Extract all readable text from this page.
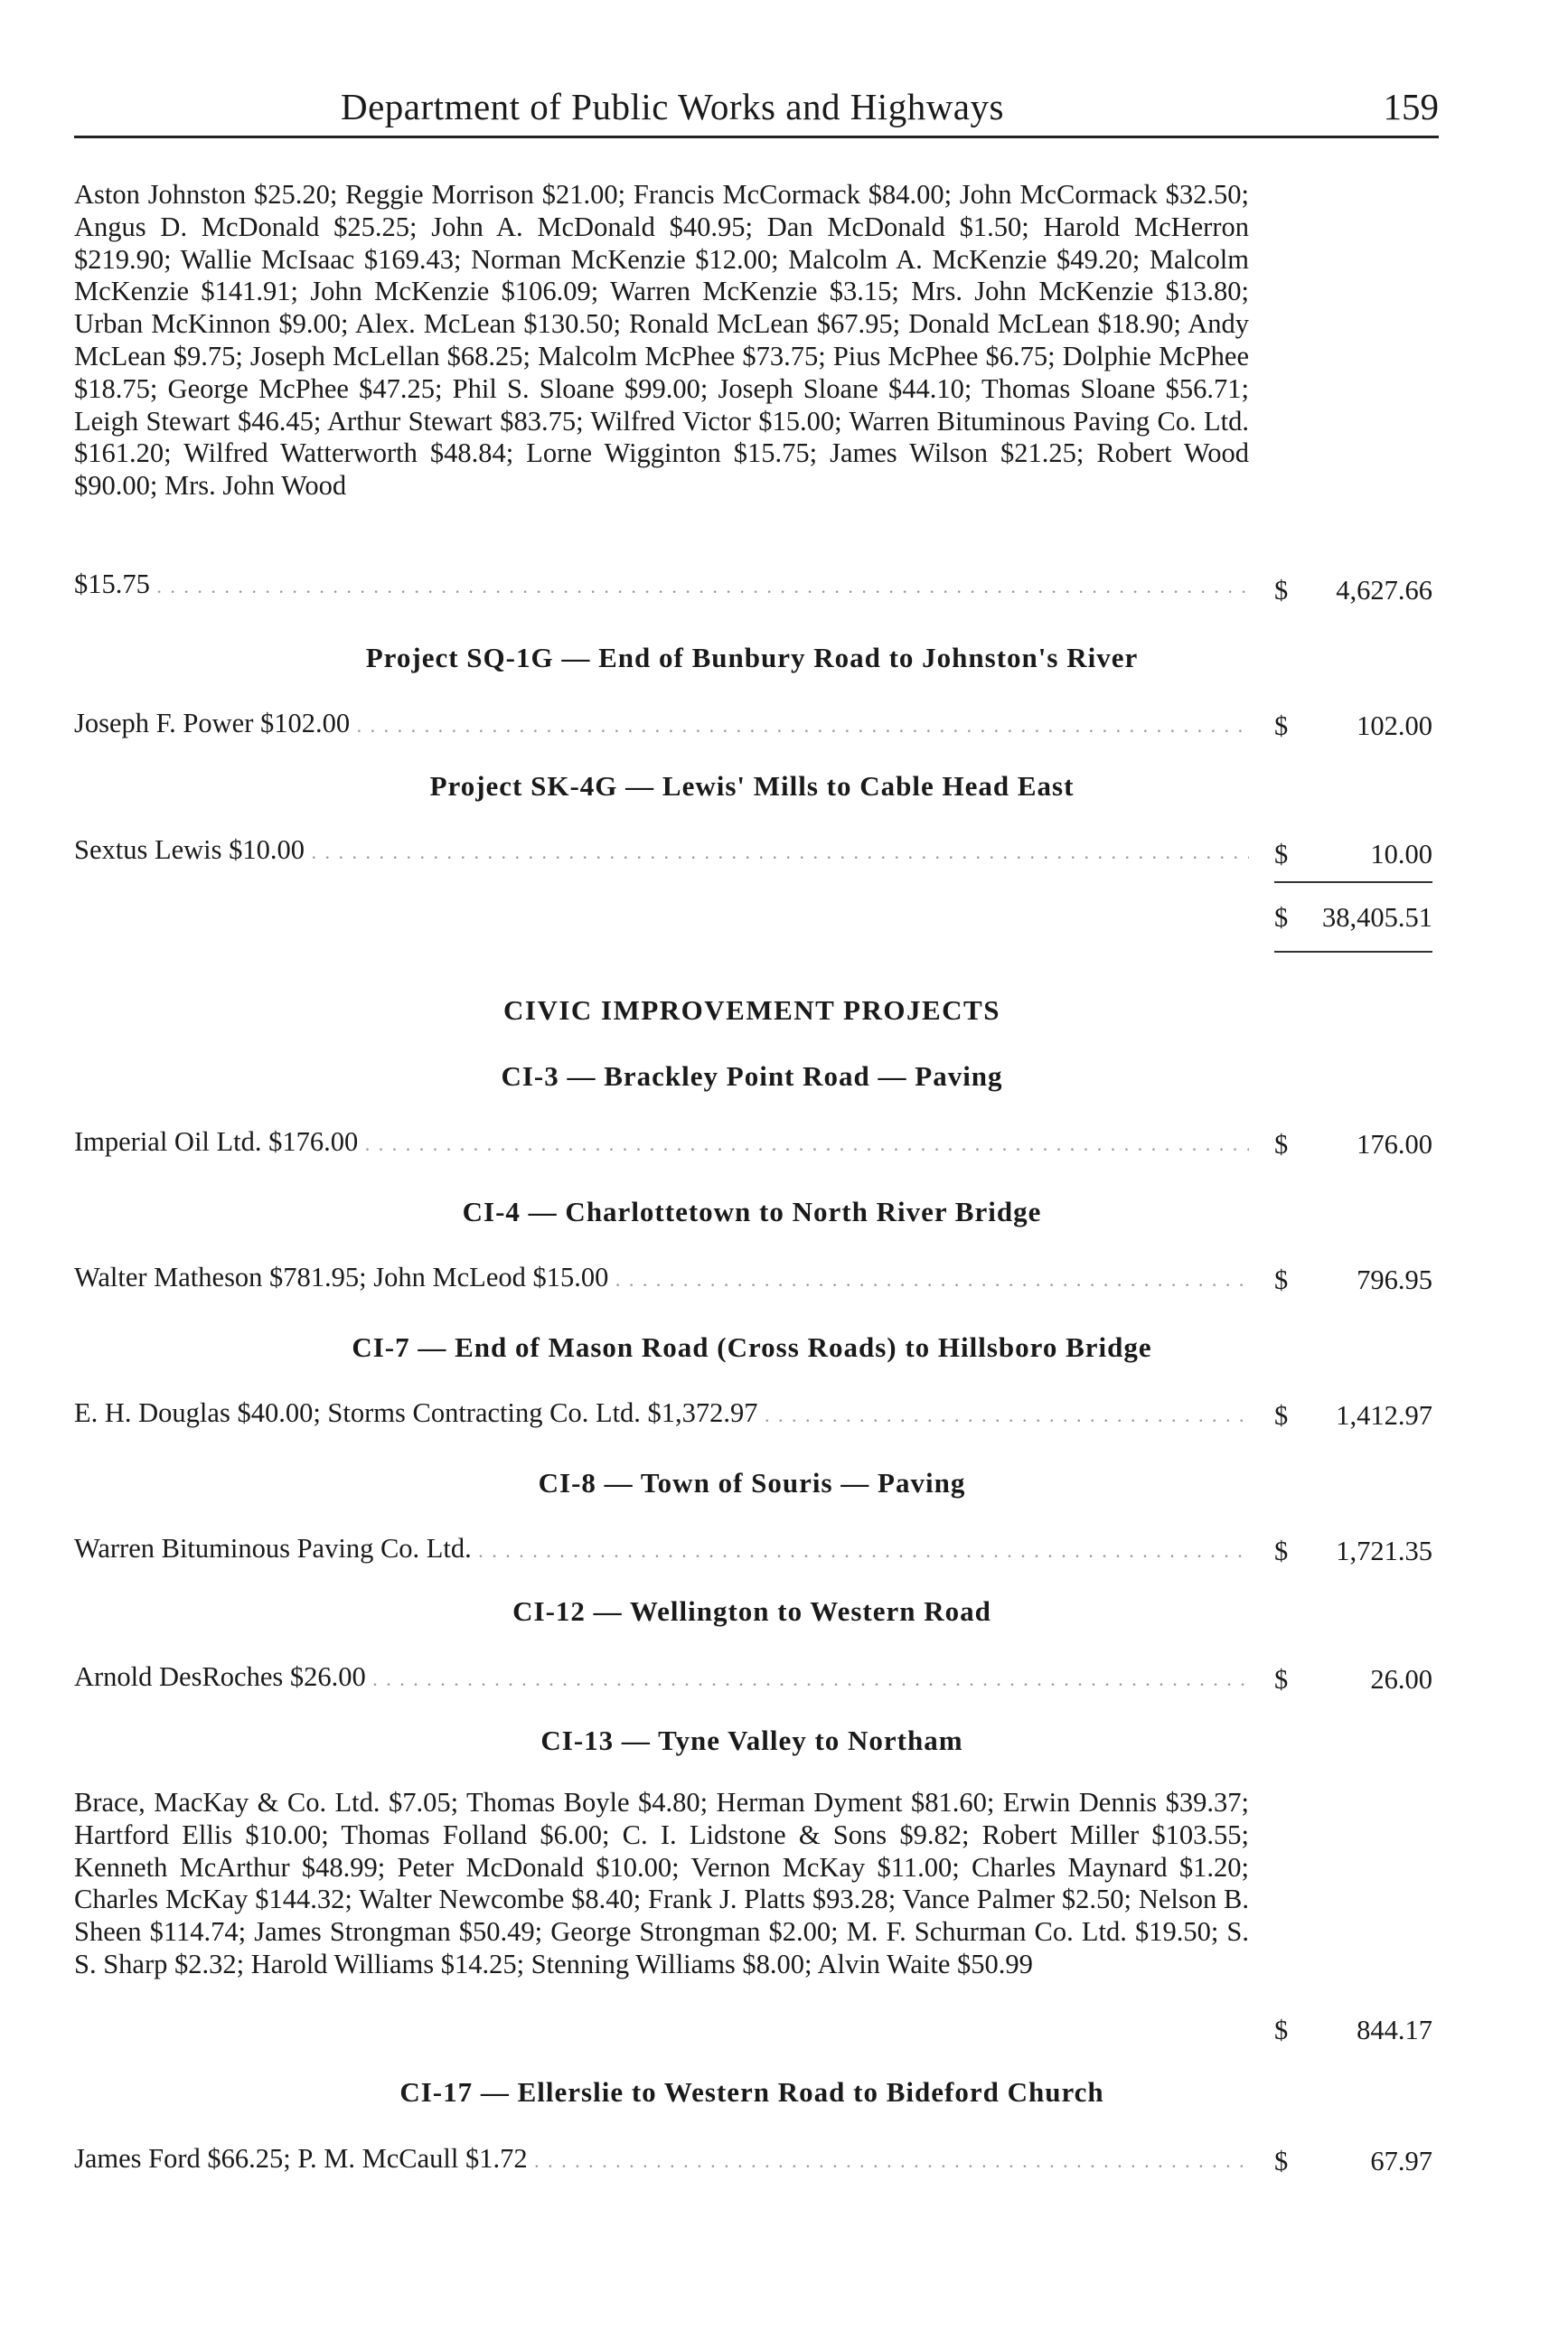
Department of Public Works and Highways	159
Aston Johnston $25.20; Reggie Morrison $21.00; Francis McCormack $84.00; John McCormack $32.50; Angus D. McDonald $25.25; John A. McDonald $40.95; Dan McDonald $1.50; Harold McHerron $219.90; Wallie McIsaac $169.43; Norman McKenzie $12.00; Malcolm A. McKenzie $49.20; Malcolm McKenzie $141.91; John McKenzie $106.09; Warren McKenzie $3.15; Mrs. John McKenzie $13.80; Urban McKinnon $9.00; Alex. McLean $130.50; Ronald McLean $67.95; Donald McLean $18.90; Andy McLean $9.75; Joseph McLellan $68.25; Malcolm McPhee $73.75; Pius McPhee $6.75; Dolphie McPhee $18.75; George McPhee $47.25; Phil S. Sloane $99.00; Joseph Sloane $44.10; Thomas Sloane $56.71; Leigh Stewart $46.45; Arthur Stewart $83.75; Wilfred Victor $15.00; Warren Bituminous Paving Co. Ltd. $161.20; Wilfred Watterworth $48.84; Lorne Wigginton $15.75; James Wilson $21.25; Robert Wood $90.00; Mrs. John Wood
$15.75 . . .	$ 4,627.66
Project SQ-1G — End of Bunbury Road to Johnston's River
Joseph F. Power $102.00 . . .	$ 102.00
Project SK-4G — Lewis' Mills to Cable Head East
Sextus Lewis $10.00 . . .	$	10.00
$ 38,405.51
CIVIC IMPROVEMENT PROJECTS
CI-3 — Brackley Point Road — Paving
Imperial Oil Ltd. $176.00 . . .	$ 176.00
CI-4 — Charlottetown to North River Bridge
Walter Matheson $781.95; John McLeod $15.00 . . .	$ 796.95
CI-7 — End of Mason Road (Cross Roads) to Hillsboro Bridge
E. H. Douglas $40.00; Storms Contracting Co. Ltd. $1,372.97 . . .	$ 1,412.97
CI-8 — Town of Souris — Paving
Warren Bituminous Paving Co. Ltd. . . .	$ 1,721.35
CI-12 — Wellington to Western Road
Arnold DesRoches $26.00 . . .	$	26.00
CI-13 — Tyne Valley to Northam
Brace, MacKay & Co. Ltd. $7.05; Thomas Boyle $4.80; Herman Dyment $81.60; Erwin Dennis $39.37; Hartford Ellis $10.00; Thomas Folland $6.00; C. I. Lidstone & Sons $9.82; Robert Miller $103.55; Kenneth McArthur $48.99; Peter McDonald $10.00; Vernon McKay $11.00; Charles Maynard $1.20; Charles McKay $144.32; Walter Newcombe $8.40; Frank J. Platts $93.28; Vance Palmer $2.50; Nelson B. Sheen $114.74; James Strongman $50.49; George Strongman $2.00; M. F. Schurman Co. Ltd. $19.50; S. S. Sharp $2.32; Harold Williams $14.25; Stenning Williams $8.00; Alvin Waite $50.99
$ 844.17
CI-17 — Ellerslie to Western Road to Bideford Church
James Ford $66.25; P. M. McCaull $1.72 . . .	$	67.97
